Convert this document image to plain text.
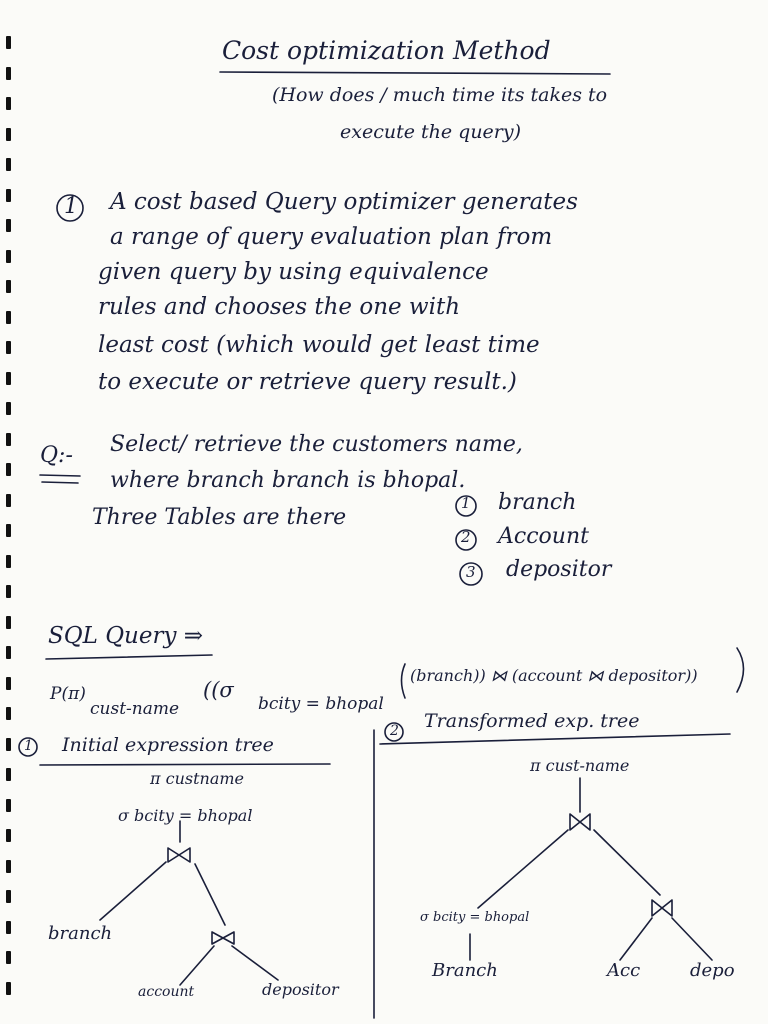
Cost optimization Method
(How does / much time its takes to
execute the query)
1 A cost based Query optimizer generates
a range of query evaluation plan from
given query by using equivalence
rules and chooses the one with
least cost (which would get least time
to execute or retrieve query result.)
Q:- Select/ retrieve the customers name,
where branch branch is bhopal.
Three Tables are there
1 branch
2 Account
3 depositor
SQL Query ⇒
P(π)
cust-name
((σ
bcity = bhopal
(branch)) ⋈ (account ⋈ depositor))
1 Initial expression tree
2 Transformed exp. tree
π custname
σ bcity = bhopal
branch
account	depositor
π cust-name
σ bcity = bhopal
Branch	Acc	depo
